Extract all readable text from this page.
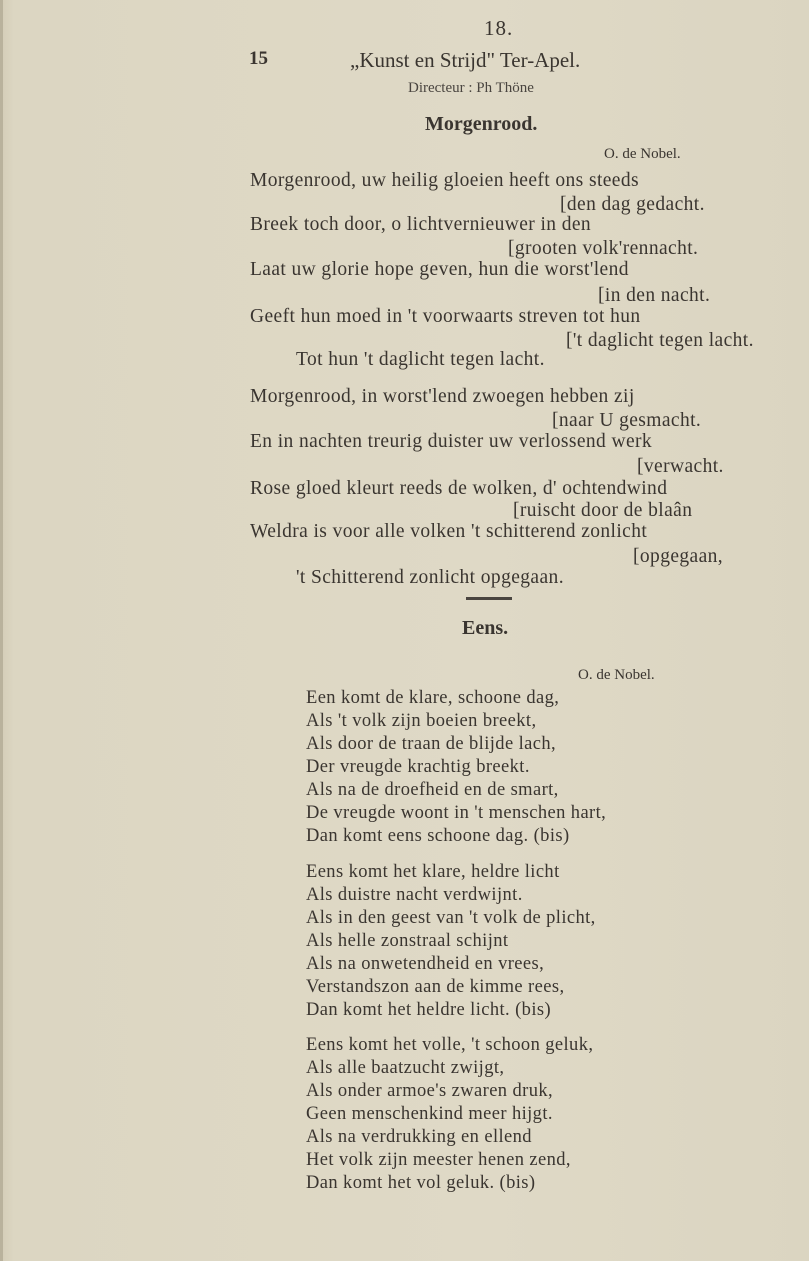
18.
15	„Kunst en Strijd" Ter-Apel.
Directeur : Ph Thöne
Morgenrood.
O. de Nobel.
Morgenrood, uw heilig gloeien heeft ons steeds
[den dag gedacht.
Breek toch door, o lichtvernieuwer in den
[grooten volk'rennacht.
Laat uw glorie hope geven, hun die worst'lend
[in den nacht.
Geeft hun moed in 't voorwaarts streven tot hun
['t daglicht tegen lacht.
Tot hun 't daglicht tegen lacht.
Morgenrood, in worst'lend zwoegen hebben zij
[naar U gesmacht.
En in nachten treurig duister uw verlossend werk
[verwacht.
Rose gloed kleurt reeds de wolken, d' ochtendwind
[ruischt door de blaân
Weldra is voor alle volken 't schitterend zonlicht
[opgegaan,
't Schitterend zonlicht opgegaan.
Eens.
O. de Nobel.
Een komt de klare, schoone dag,
Als 't volk zijn boeien breekt,
Als door de traan de blijde lach,
Der vreugde krachtig breekt.
Als na de droefheid en de smart,
De vreugde woont in 't menschen hart,
Dan komt eens schoone dag. (bis)
Eens komt het klare, heldre licht
Als duistre nacht verdwijnt.
Als in den geest van 't volk de plicht,
Als helle zonstraal schijnt
Als na onwetendheid en vrees,
Verstandszon aan de kimme rees,
Dan komt het heldre licht. (bis)
Eens komt het volle, 't schoon geluk,
Als alle baatzucht zwijgt,
Als onder armoe's zwaren druk,
Geen menschenkind meer hijgt.
Als na verdrukking en ellend
Het volk zijn meester henen zend,
Dan komt het vol geluk. (bis)
